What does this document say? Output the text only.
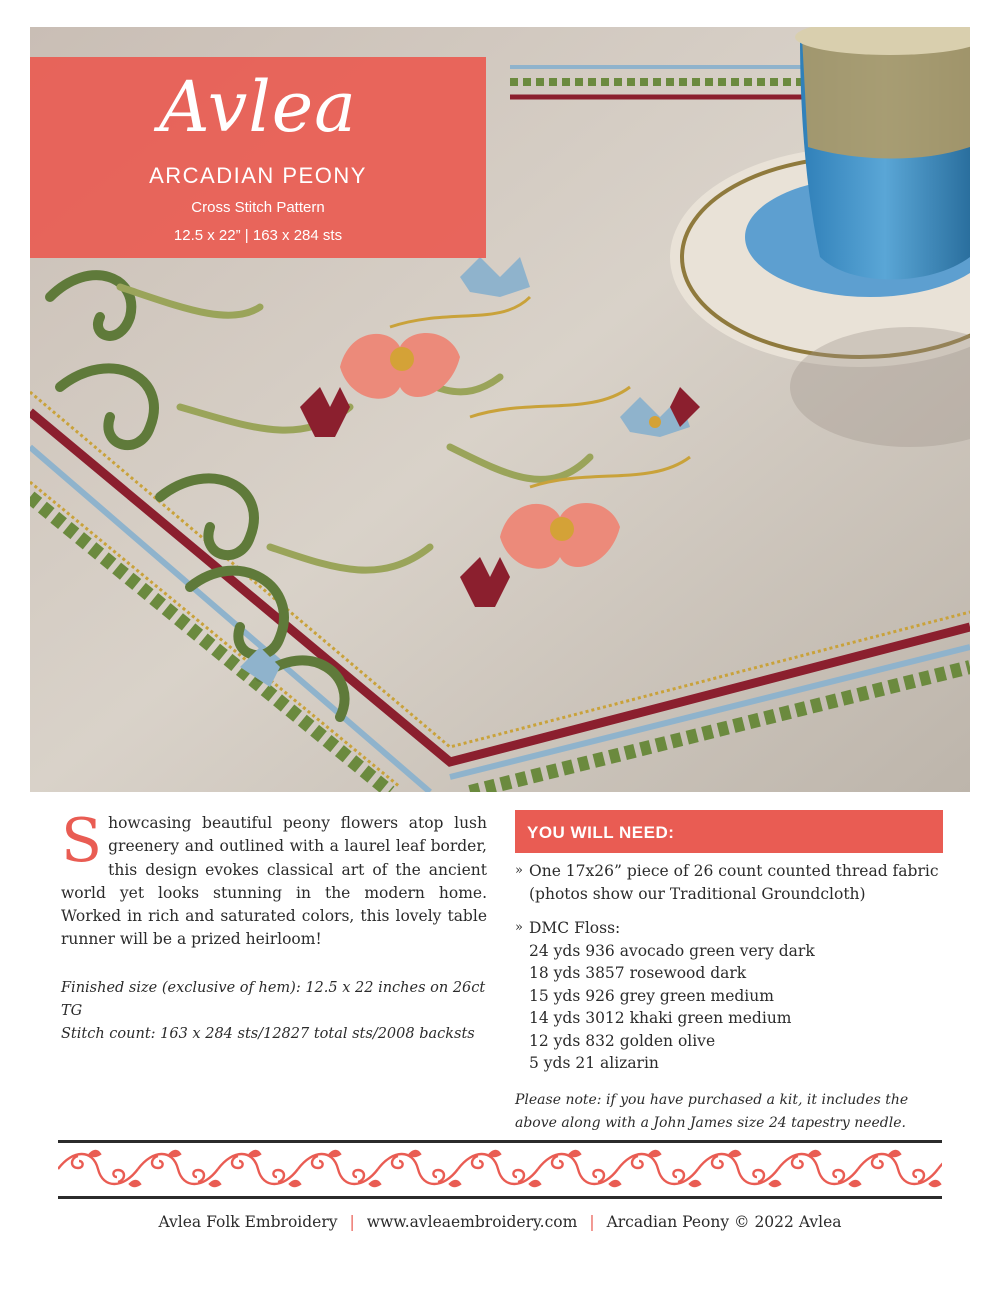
Avlea
ARCADIAN PEONY
Cross Stitch Pattern
12.5 x 22” | 163 x 284 sts
S howcasing beautiful peony flowers atop lush greenery and outlined with a laurel leaf border, this design evokes classical art of the ancient world yet looks stunning in the modern home. Worked in rich and saturated colors, this lovely table runner will be a prized heirloom!
Finished size (exclusive of hem): 12.5 x 22 inches on 26ct TG
Stitch count: 163 x 284 sts/12827 total sts/2008 backsts
YOU WILL NEED:
» One 17x26” piece of 26 count counted thread fabric (photos show our Traditional Groundcloth)
» DMC Floss:
24 yds 936 avocado green very dark
18 yds 3857 rosewood dark
15 yds 926 grey green medium
14 yds 3012 khaki green medium
12 yds 832 golden olive
5 yds 21 alizarin
Please note: if you have purchased a kit, it includes the above along with a John James size 24 tapestry needle.
Avlea Folk Embroidery | www.avleaembroidery.com | Arcadian Peony © 2022 Avlea
